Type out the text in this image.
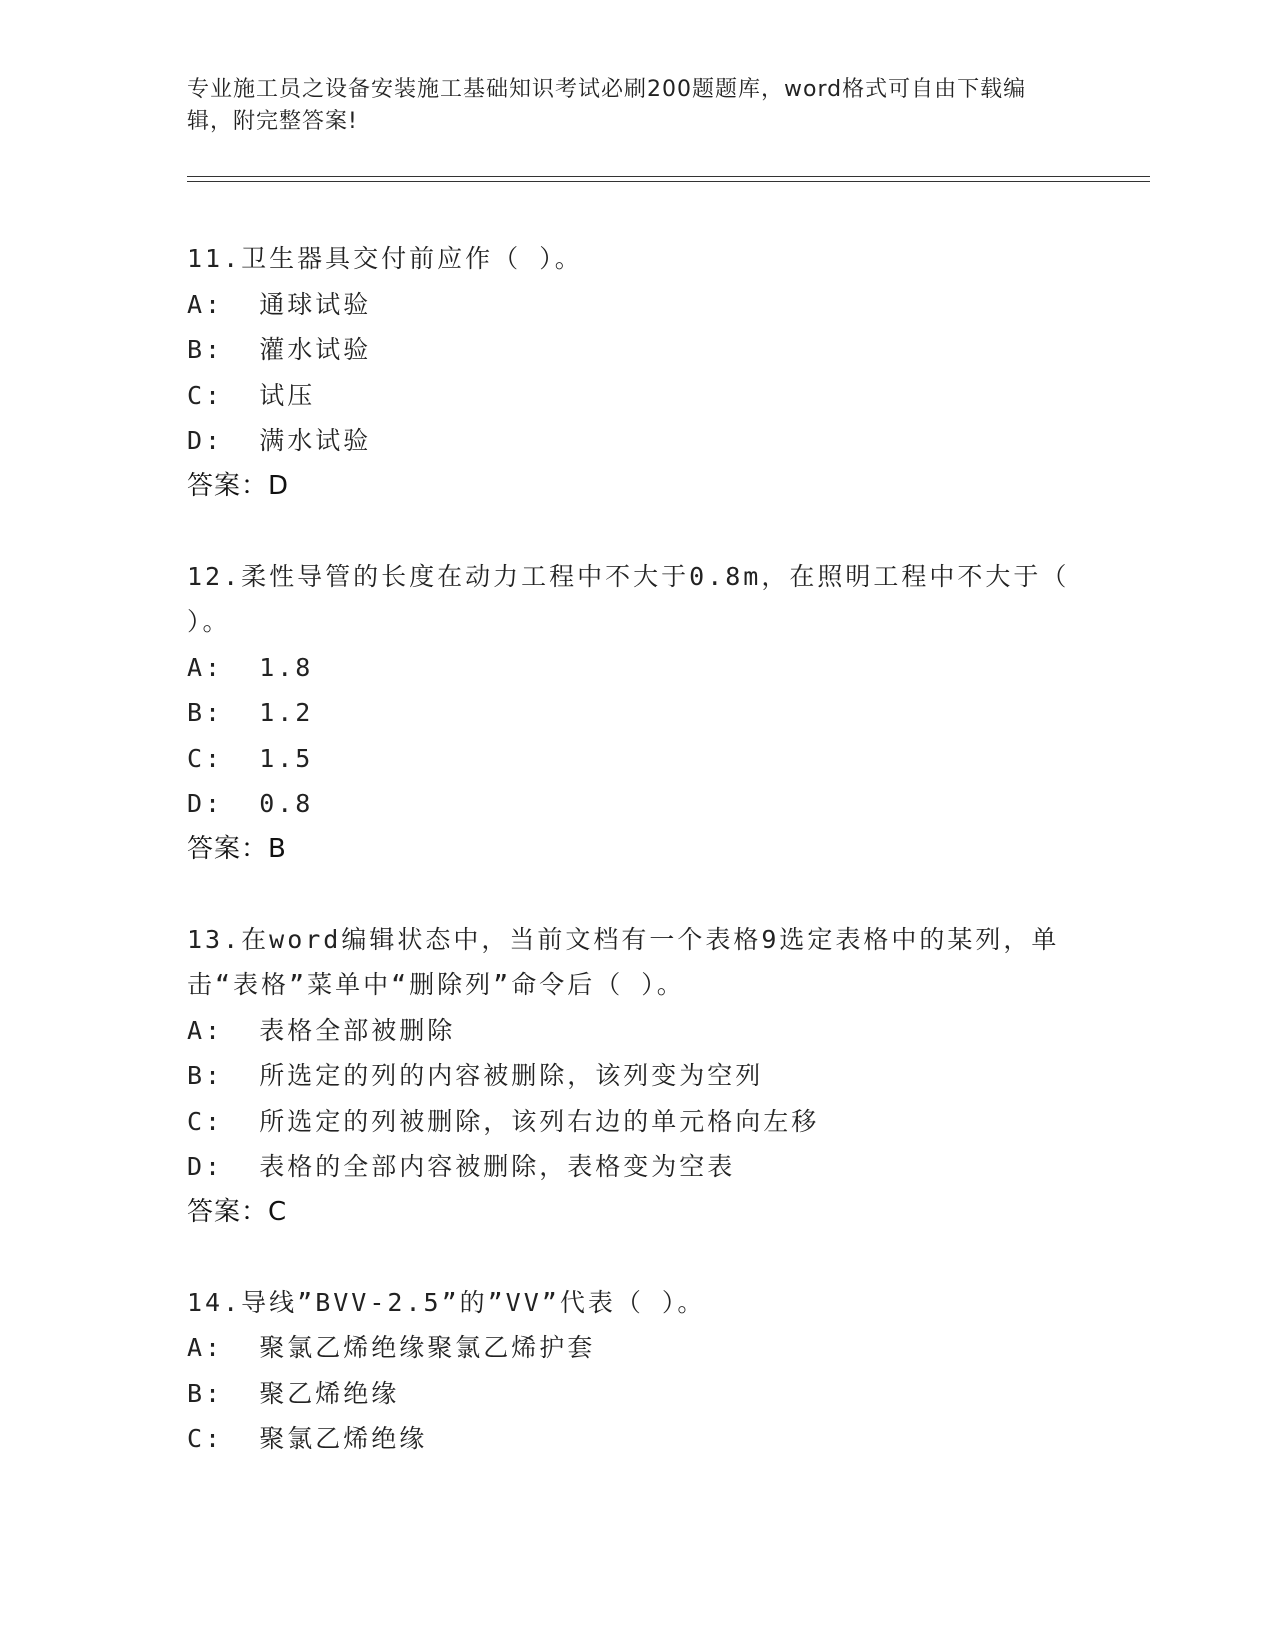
专业施工员之设备安装施工基础知识考试必刷200题题库，word格式可自由下载编辑，附完整答案!
11.卫生器具交付前应作（ ）。
A:  通球试验
B:  灌水试验
C:  试压
D:  满水试验
答案：D
12.柔性导管的长度在动力工程中不大于0.8m，在照明工程中不大于（ ）。
A:  1.8
B:  1.2
C:  1.5
D:  0.8
答案：B
13.在word编辑状态中，当前文档有一个表格9选定表格中的某列，单击“表格”菜单中“删除列”命令后（ ）。
A:  表格全部被删除
B:  所选定的列的内容被删除，该列变为空列
C:  所选定的列被删除，该列右边的单元格向左移
D:  表格的全部内容被删除，表格变为空表
答案：C
14.导线”BVV-2.5”的”VV”代表（ ）。
A:  聚氯乙烯绝缘聚氯乙烯护套
B:  聚乙烯绝缘
C:  聚氯乙烯绝缘
